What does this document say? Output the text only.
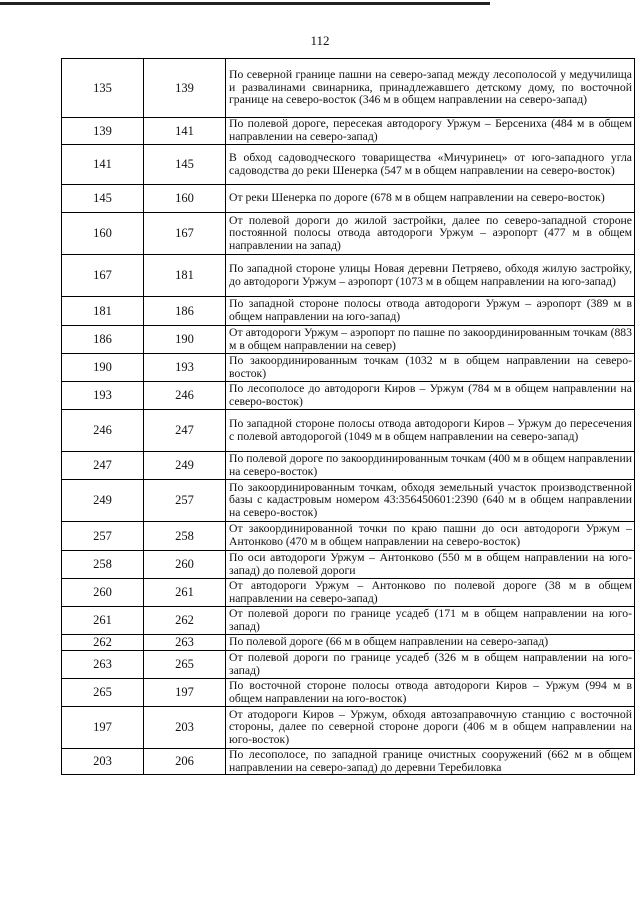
112
135	139	По северной границе пашни на северо-запад между лесополосой у медучилища и развалинами свинарника, принадлежавшего детскому дому, по восточной границе на северо-восток (346 м в общем направлении на северо-запад)
139	141	По полевой дороге, пересекая автодорогу Уржум – Берсениха (484 м в общем направлении на северо-запад)
141	145	В обход садоводческого товарищества «Мичуринец» от юго-западного угла садоводства до реки Шенерка (547 м в общем направлении на северо-восток)
145	160	От реки Шенерка по дороге (678 м в общем направлении на северо-восток)
160	167	От полевой дороги до жилой застройки, далее по северо-западной стороне постоянной полосы отвода автодороги Уржум – аэропорт (477 м в общем направлении на запад)
167	181	По западной стороне улицы Новая деревни Петряево, обходя жилую застройку, до автодороги Уржум – аэропорт (1073 м в общем направлении на юго-запад)
181	186	По западной стороне полосы отвода автодороги Уржум – аэропорт (389 м в общем направлении на юго-запад)
186	190	От автодороги Уржум – аэропорт по пашне по закоординированным точкам (883 м в общем направлении на север)
190	193	По закоординированным точкам (1032 м в общем направлении на северо-восток)
193	246	По лесополосе до автодороги Киров – Уржум (784 м в общем направлении на северо-восток)
246	247	По западной стороне полосы отвода автодороги Киров – Уржум до пересечения с полевой автодорогой (1049 м в общем направлении на северо-запад)
247	249	По полевой дороге по закоординированным точкам (400 м в общем направлении на северо-восток)
249	257	По закоординированным точкам, обходя земельный участок производственной базы с кадастровым номером 43:356450601:2390 (640 м в общем направлении на северо-восток)
257	258	От закоординированной точки по краю пашни до оси автодороги Уржум – Антонково (470 м в общем направлении на северо-восток)
258	260	По оси автодороги Уржум – Антонково (550 м в общем направлении на юго-запад) до полевой дороги
260	261	От автодороги Уржум – Антонково по полевой дороге (38 м в общем направлении на северо-запад)
261	262	От полевой дороги по границе усадеб (171 м в общем направлении на юго-запад)
262	263	По полевой дороге (66 м в общем направлении на северо-запад)
263	265	От полевой дороги по границе усадеб (326 м в общем направлении на юго-запад)
265	197	По восточной стороне полосы отвода автодороги Киров – Уржум (994 м в общем направлении на юго-восток)
197	203	От атодороги Киров – Уржум, обходя автозаправочную станцию с восточной стороны, далее по северной стороне дороги (406 м в общем направлении на юго-восток)
203	206	По лесополосе, по западной границе очистных сооружений (662 м в общем направлении на северо-запад) до деревни Теребиловка
